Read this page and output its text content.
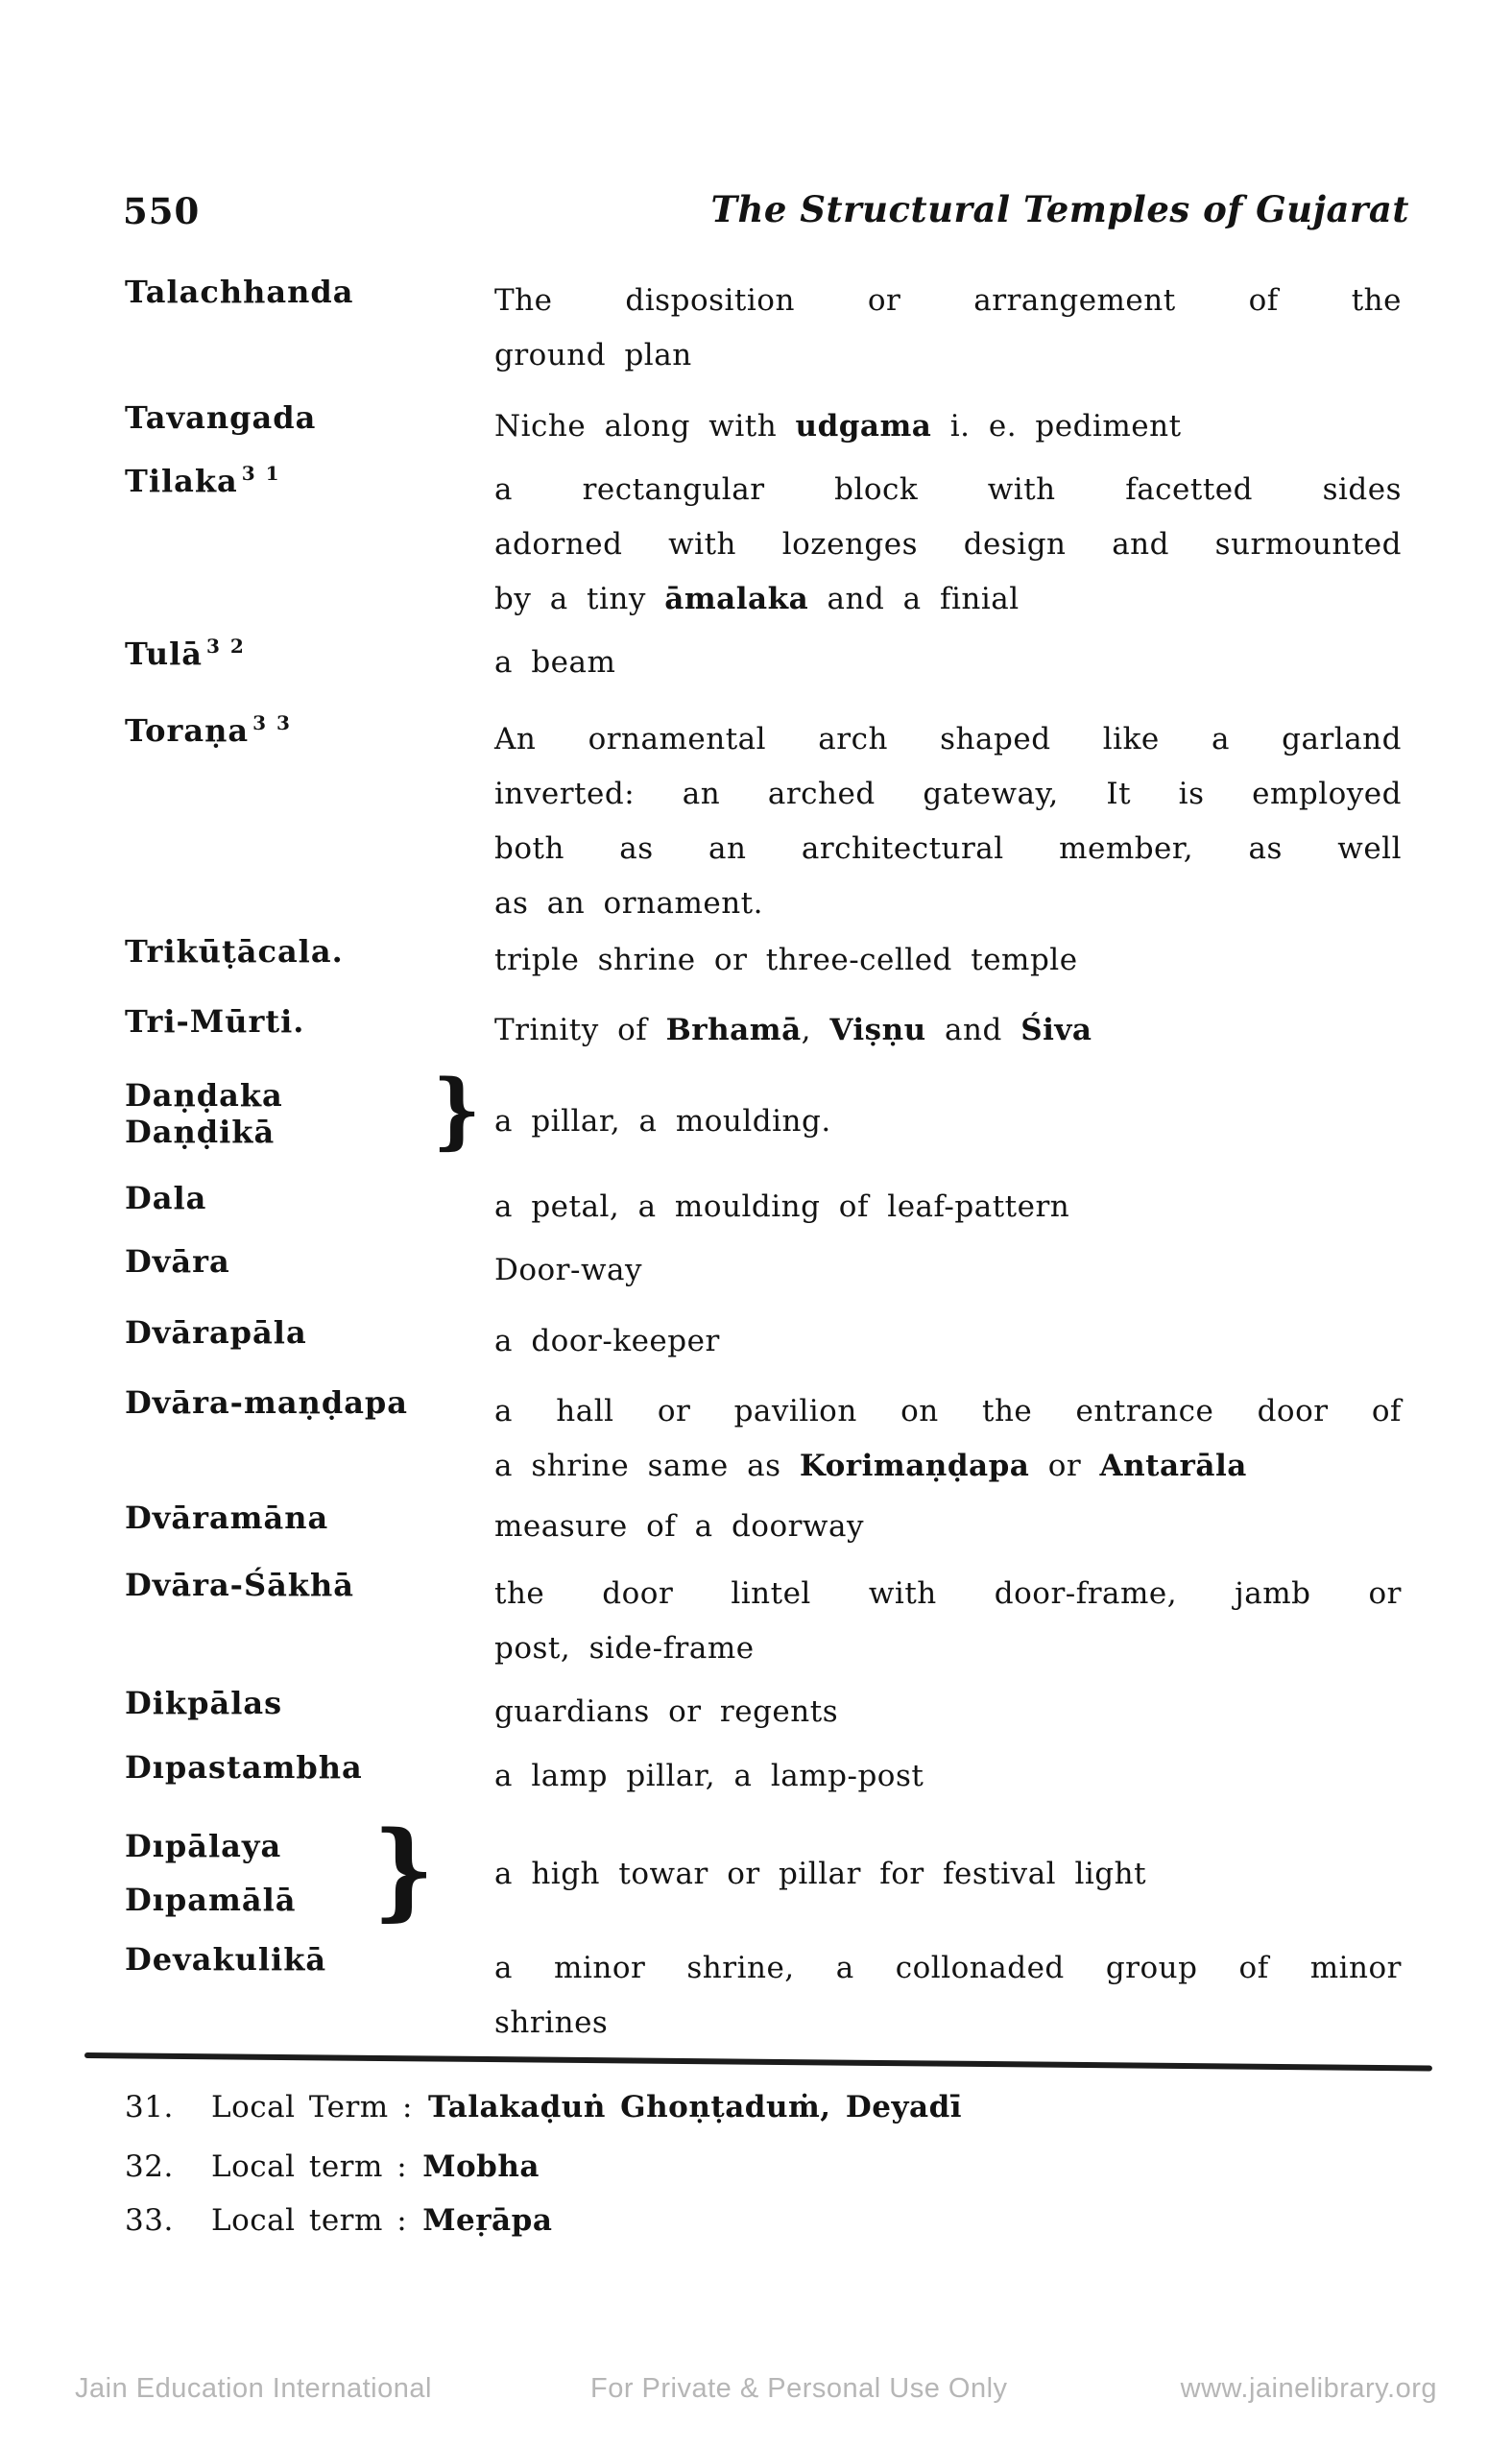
550	The Structural Temples of Gujarat
Talachhanda	The disposition or arrangement of the
ground plan
Tavangada	Niche along with udgama i. e. pediment
Tilaka $^{3 1}$	a rectangular block with facetted sides
adorned with lozenges design and surmounted
by a tiny āmalaka and a finial
Tulā $^{3 2}$	a beam
Toraṇa $^{3 3}$	An ornamental arch shaped like a garland
inverted: an arched gateway, It is employed
both as an architectural member, as well
as an ornament.
Trikūṭācala.	triple shrine or three-celled temple
Tri-Mūrti.	Trinity of Brhamā, Viṣṇu and Śiva
Daṇḍaka
Daṇḍikā	} a pillar, a moulding.
Dala	a petal, a moulding of leaf-pattern
Dvāra	Door-way
Dvārapāla	a door-keeper
Dvāra-maṇḍapa	a hall or pavilion on the entrance door of
a shrine same as Korimaṇḍapa or Antarāla
Dvāramāna	measure of a doorway
Dvāra-Śākhā	the door lintel with door-frame, jamb or
post, side-frame
Dikpālas	guardians or regents
Dıpastambha	a lamp pillar, a lamp-post
Dıpālaya
Dıpamālā } a high towar or pillar for festival light
Devakulikā	a minor shrine, a collonaded group of minor
shrines
31. Local Term : Talakaḍuṅ Ghoṇṭaduṁ, Deyadī
32. Local term : Mobha
33. Local term : Meṛāpa
Jain Education International	For Private & Personal Use Only	www.jainelibrary.org
